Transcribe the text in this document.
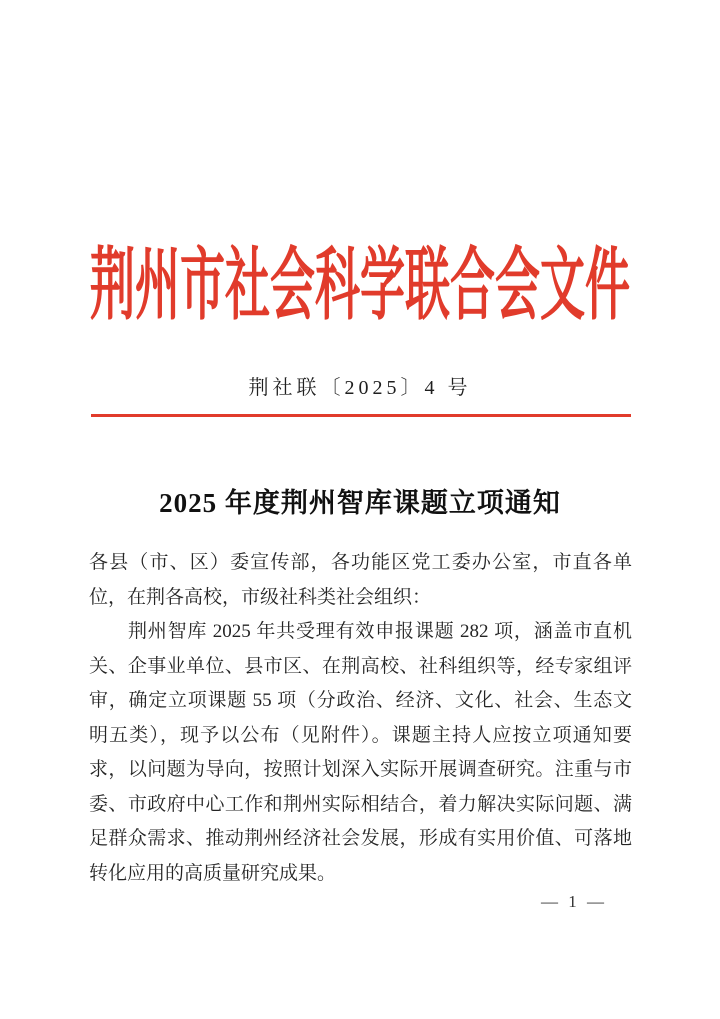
荆州市社会科学联合会文件
荆社联〔2025〕4 号
2025 年度荆州智库课题立项通知
各县（市、区）委宣传部，各功能区党工委办公室，市直各单
位，在荆各高校，市级社科类社会组织：
荆州智库 2025 年共受理有效申报课题 282 项，涵盖市直机
关、企事业单位、县市区、在荆高校、社科组织等，经专家组评
审，确定立项课题 55 项（分政治、经济、文化、社会、生态文
明五类），现予以公布（见附件）。课题主持人应按立项通知要
求，以问题为导向，按照计划深入实际开展调查研究。注重与市
委、市政府中心工作和荆州实际相结合，着力解决实际问题、满
足群众需求、推动荆州经济社会发展，形成有实用价值、可落地
转化应用的高质量研究成果。
— 1 —
